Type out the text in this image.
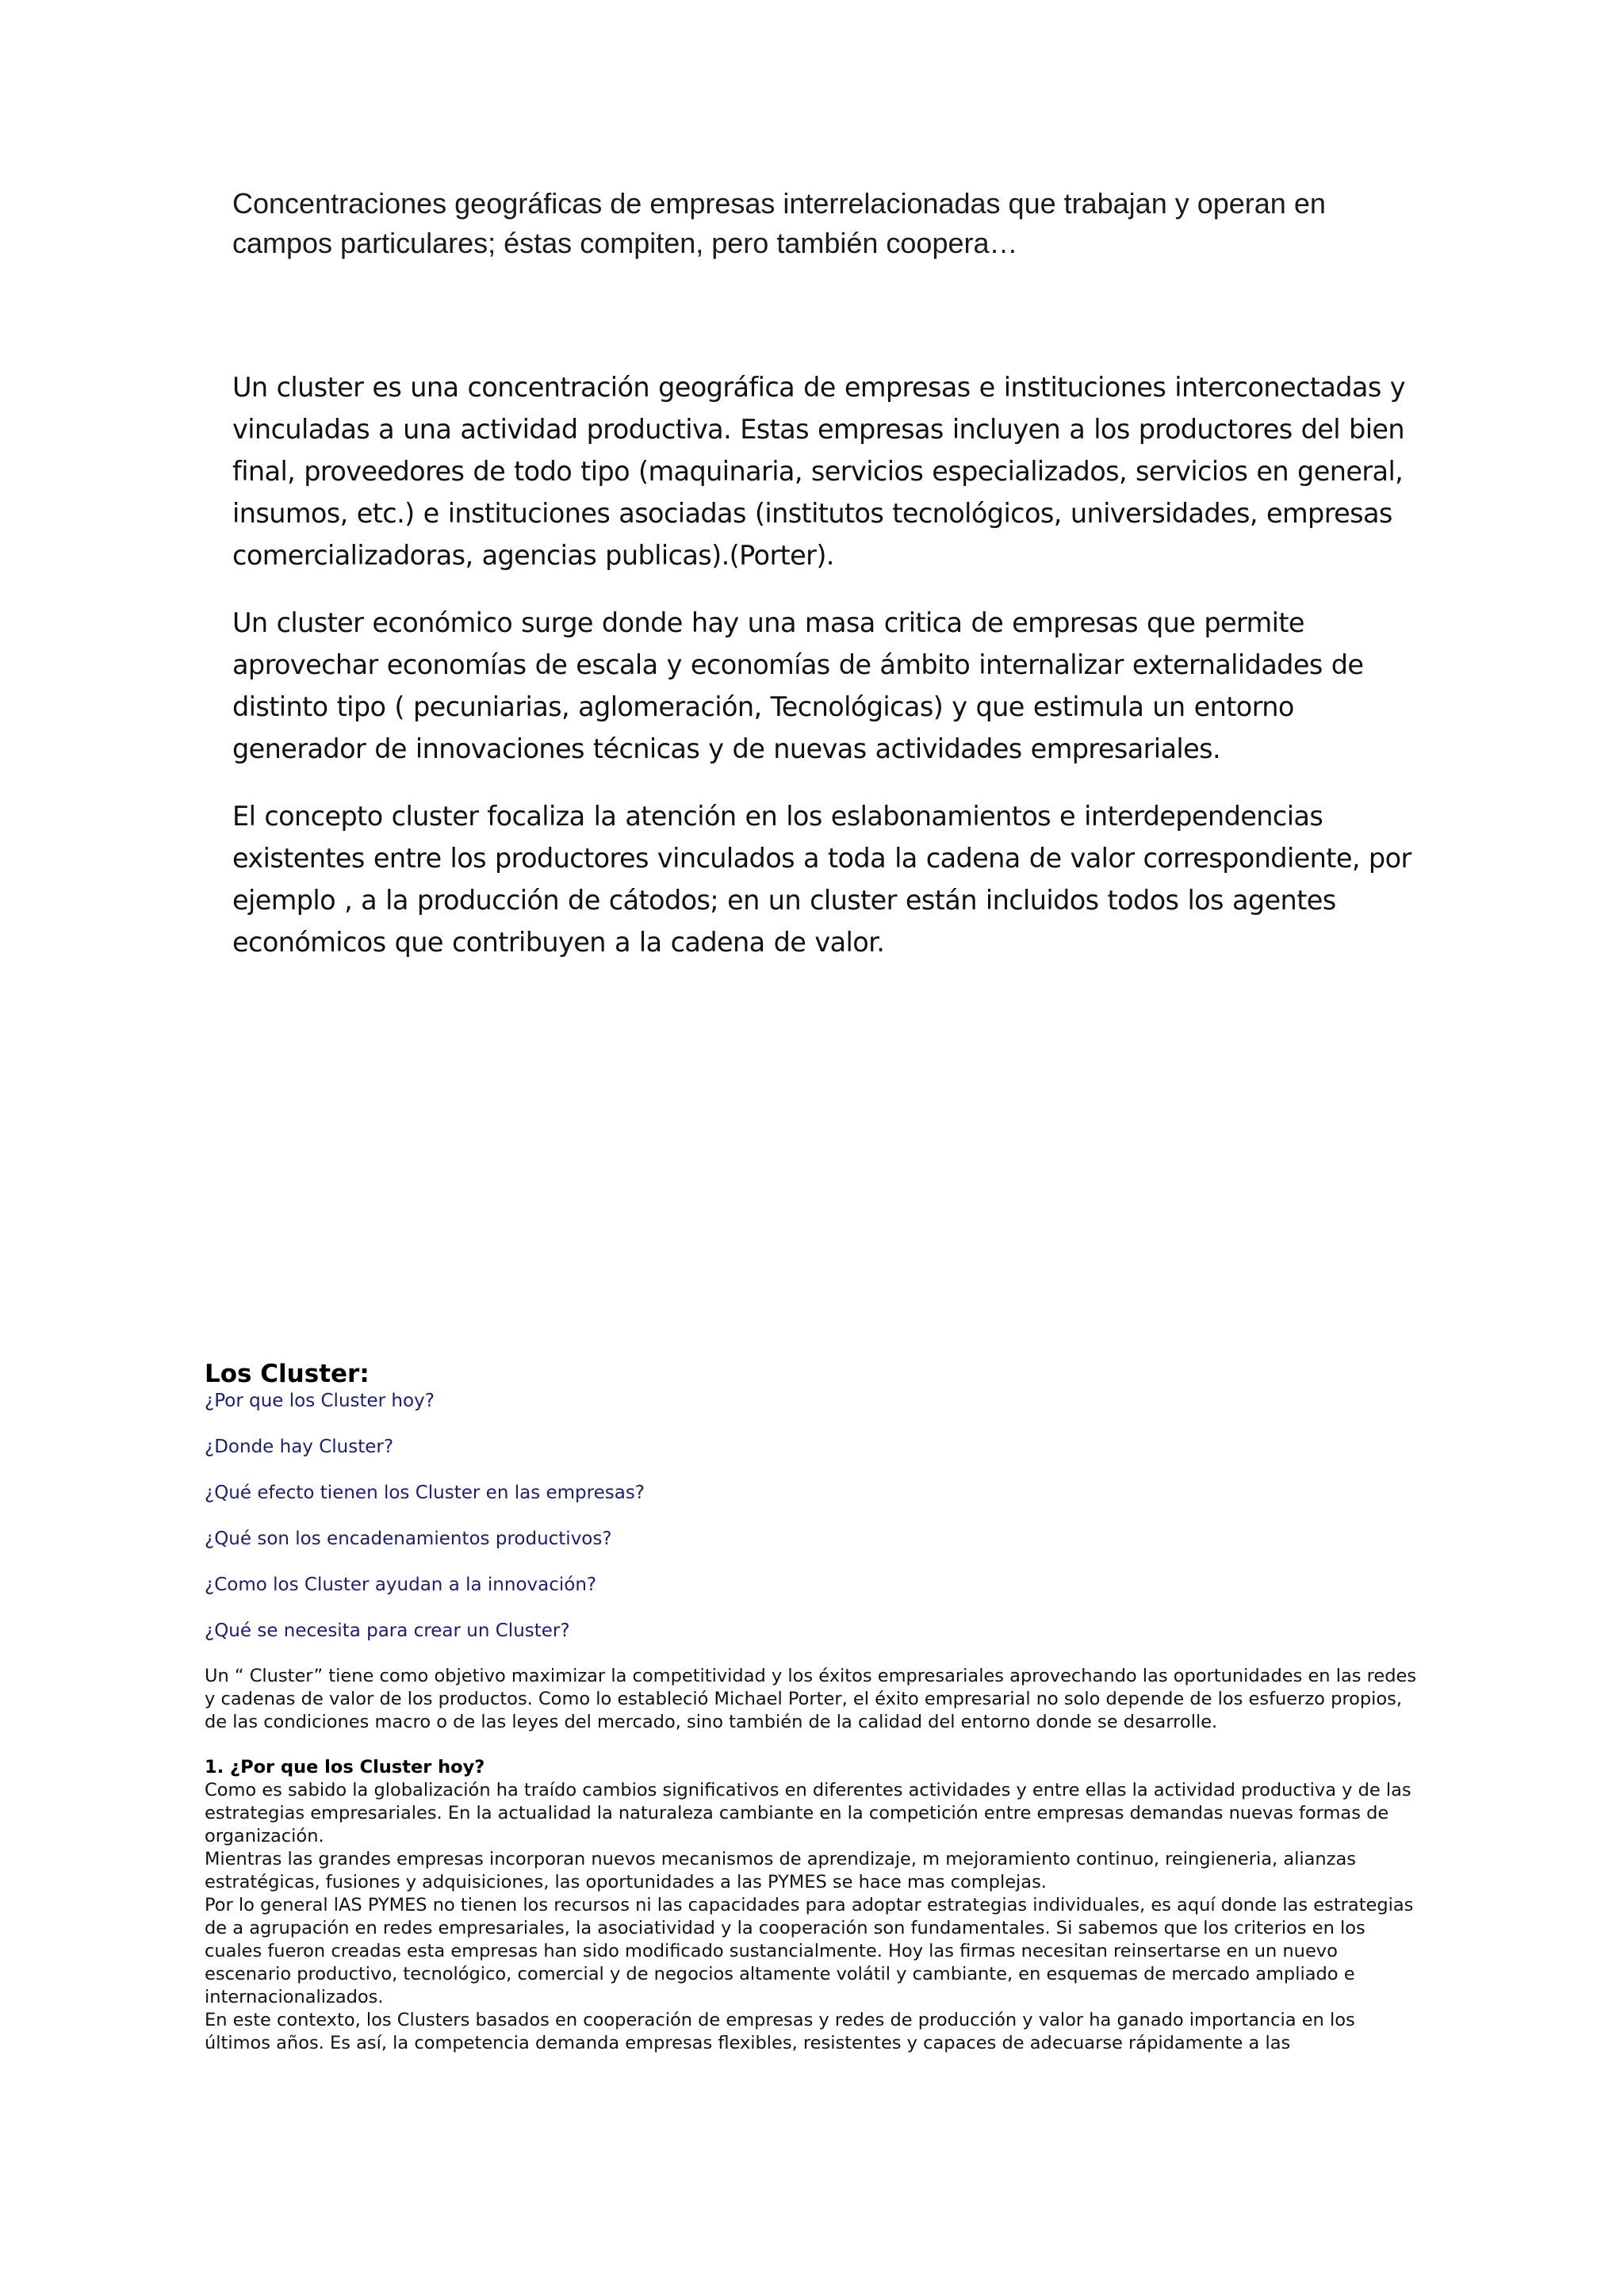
Concentraciones geográficas de empresas interrelacionadas que trabajan y operan en campos particulares; éstas compiten, pero también coopera…

Un cluster es una concentración geográfica de empresas e instituciones interconectadas y vinculadas a una actividad productiva. Estas empresas incluyen a los productores del bien final, proveedores de todo tipo (maquinaria, servicios especializados, servicios en general, insumos, etc.) e instituciones asociadas (institutos tecnológicos, universidades, empresas comercializadoras, agencias publicas).(Porter).

Un cluster económico surge donde hay una masa critica de empresas que permite aprovechar economías de escala y economías de ámbito internalizar externalidades de distinto tipo ( pecuniarias, aglomeración, Tecnológicas) y que estimula un entorno generador de innovaciones técnicas y de nuevas actividades empresariales.

El concepto cluster focaliza la atención en los eslabonamientos e interdependencias existentes entre los productores vinculados a toda la cadena de valor correspondiente, por ejemplo , a la producción de cátodos; en un cluster están incluidos todos los agentes económicos que contribuyen a la cadena de valor.

Los Cluster:
¿Por que los Cluster hoy?
¿Donde hay Cluster?
¿Qué efecto tienen los Cluster en las empresas?
¿Qué son los encadenamientos productivos?
¿Como los Cluster ayudan a la innovación?
¿Qué se necesita para crear un Cluster?

Un “ Cluster” tiene como objetivo maximizar la competitividad y los éxitos empresariales aprovechando las oportunidades en las redes y cadenas de valor de los productos. Como lo estableció Michael Porter, el éxito empresarial no solo depende de los esfuerzo propios, de las condiciones macro o de las leyes del mercado, sino también de la calidad del entorno donde se desarrolle.

1. ¿Por que los Cluster hoy?

Como es sabido la globalización ha traído cambios significativos en diferentes actividades y entre ellas la actividad productiva y de las estrategias empresariales. En la actualidad la naturaleza cambiante en la competición entre empresas demandas nuevas formas de organización.

Mientras las grandes empresas incorporan nuevos mecanismos de aprendizaje, m mejoramiento continuo, reingieneria, alianzas estratégicas, fusiones y adquisiciones, las oportunidades a las PYMES se hace mas complejas.

Por lo general lAS PYMES no tienen los recursos ni las capacidades para adoptar estrategias individuales, es aquí donde las estrategias de a agrupación en redes empresariales, la asociatividad y la cooperación son fundamentales. Si sabemos que los criterios en los cuales fueron creadas esta empresas han sido modificado sustancialmente. Hoy las firmas necesitan reinsertarse en un nuevo escenario productivo, tecnológico, comercial y de negocios altamente volátil y cambiante, en esquemas de mercado ampliado e internacionalizados.

En este contexto, los Clusters basados en cooperación de empresas y redes de producción y valor ha ganado importancia en los últimos años. Es así, la competencia demanda empresas flexibles, resistentes y capaces de adecuarse rápidamente a las
